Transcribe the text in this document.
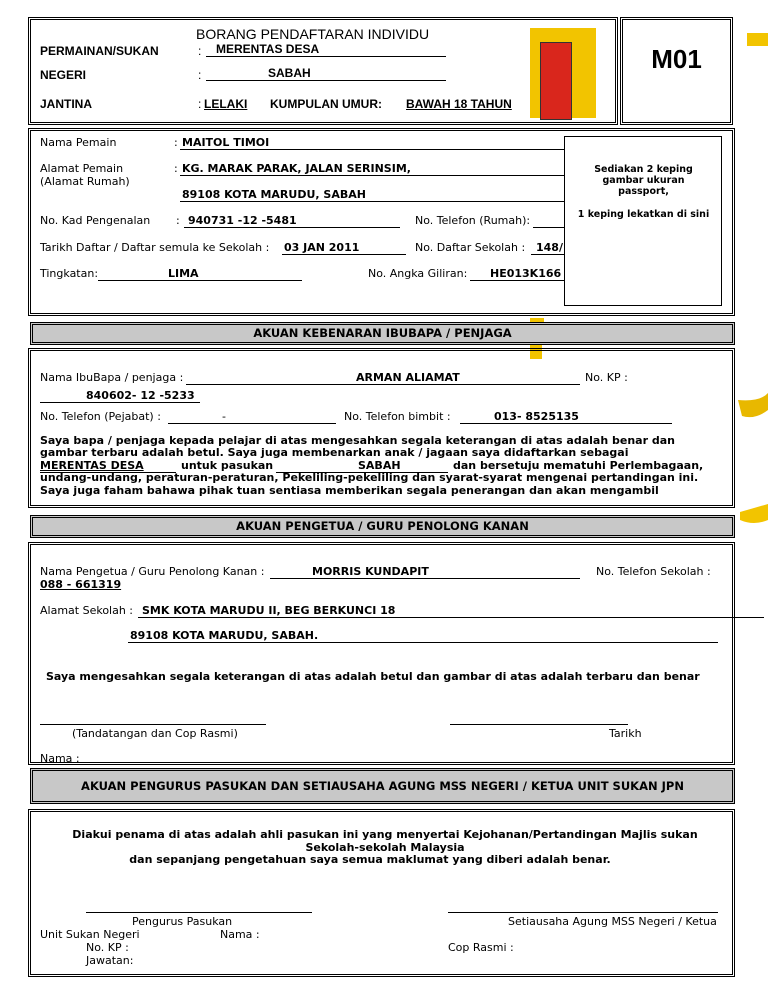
M01
BORANG PENDAFTARAN INDIVIDU
PERMAINAN/SUKAN	: MERENTAS DESA
NEGERI	:	SABAH
JANTINA	: LELAKI KUMPULAN UMUR: BAWAH 18 TAHUN
Sediakan 2 keping gambar ukuran passport,
1 keping lekatkan di sini
Nama Pemain	: MAITOL TIMOI
Alamat Pemain
(Alamat Rumah)
: KG. MARAK PARAK, JALAN SERINSIM,
89108 KOTA MARUDU, SABAH
No. Kad Pengenalan : 940731 -12 -5481	No. Telefon (Rumah):
Tarikh Daftar / Daftar semula ke Sekolah : 03 JAN 2011	No. Daftar Sekolah : 148/
Tingkatan:	LIMA	No. Angka Giliran: HE013K166
AKUAN KEBENARAN IBUBAPA / PENJAGA
Nama IbuBapa / penjaga :	ARMAN ALIAMAT	No. KP :
840602- 12 -5233
No. Telefon (Pejabat) :	-	No. Telefon bimbit :	013- 8525135
Saya bapa / penjaga kepada pelajar di atas mengesahkan segala keterangan di atas adalah benar dan
gambar terbaru adalah betul. Saya juga membenarkan anak / jagaan saya didaftarkan sebagai
MERENTAS DESA	untuk pasukan	SABAH	dan bersetuju mematuhi Perlembagaan,
undang-undang, peraturan-peraturan, Pekeliling-pekeliling dan syarat-syarat mengenai pertandingan ini.
Saya juga faham bahawa pihak tuan sentiasa memberikan segala penerangan dan akan mengambil
AKUAN PENGETUA / GURU PENOLONG KANAN
Nama Pengetua / Guru Penolong Kanan :	MORRIS KUNDAPIT	No. Telefon Sekolah :
088 - 661319
Alamat Sekolah : SMK KOTA MARUDU II, BEG BERKUNCI 18
89108 KOTA MARUDU, SABAH.
Saya mengesahkan segala keterangan di atas adalah betul dan gambar di atas adalah terbaru dan benar
(Tandatangan dan Cop Rasmi)	Tarikh
Nama :
AKUAN PENGURUS PASUKAN DAN SETIAUSAHA AGUNG MSS NEGERI / KETUA UNIT SUKAN JPN
Diakui penama di atas adalah ahli pasukan ini yang menyertai Kejohanan/Pertandingan Majlis sukan
Sekolah-sekolah Malaysia
dan sepanjang pengetahuan saya semua maklumat yang diberi adalah benar.
Pengurus Pasukan	Setiausaha Agung MSS Negeri / Ketua
Unit Sukan Negeri	Nama :
No. KP :	Cop Rasmi :
Jawatan:
